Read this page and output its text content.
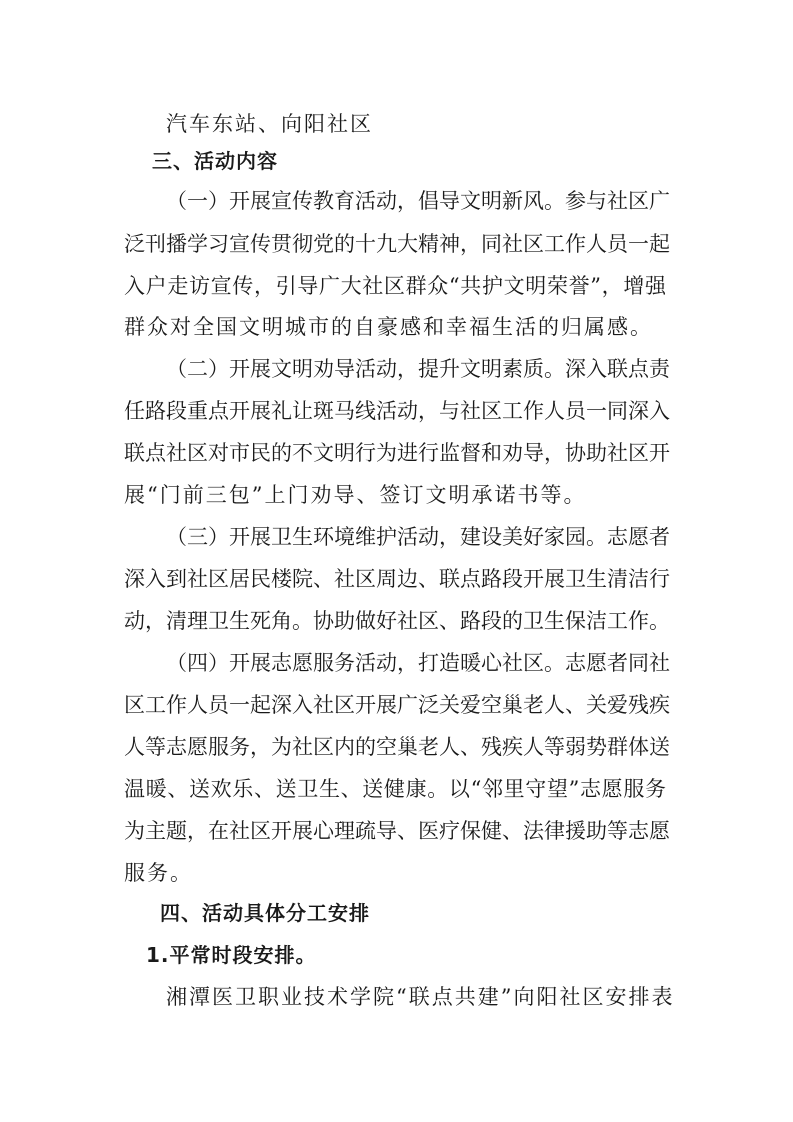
汽车东站、向阳社区
三、活动内容
（一）开展宣传教育活动，倡导文明新风。参与社区广
泛刊播学习宣传贯彻党的十九大精神，同社区工作人员一起
入户走访宣传，引导广大社区群众“共护文明荣誉”，增强
群众对全国文明城市的自豪感和幸福生活的归属感。
（二）开展文明劝导活动，提升文明素质。深入联点责
任路段重点开展礼让斑马线活动，与社区工作人员一同深入
联点社区对市民的不文明行为进行监督和劝导，协助社区开
展“门前三包”上门劝导、签订文明承诺书等。
（三）开展卫生环境维护活动，建设美好家园。志愿者
深入到社区居民楼院、社区周边、联点路段开展卫生清洁行
动，清理卫生死角。协助做好社区、路段的卫生保洁工作。
（四）开展志愿服务活动，打造暖心社区。志愿者同社
区工作人员一起深入社区开展广泛关爱空巢老人、关爱残疾
人等志愿服务，为社区内的空巢老人、残疾人等弱势群体送
温暖、送欢乐、送卫生、送健康。以“邻里守望”志愿服务
为主题，在社区开展心理疏导、医疗保健、法律援助等志愿
服务。
四、活动具体分工安排
1.平常时段安排。
湘潭医卫职业技术学院“联点共建”向阳社区安排表
